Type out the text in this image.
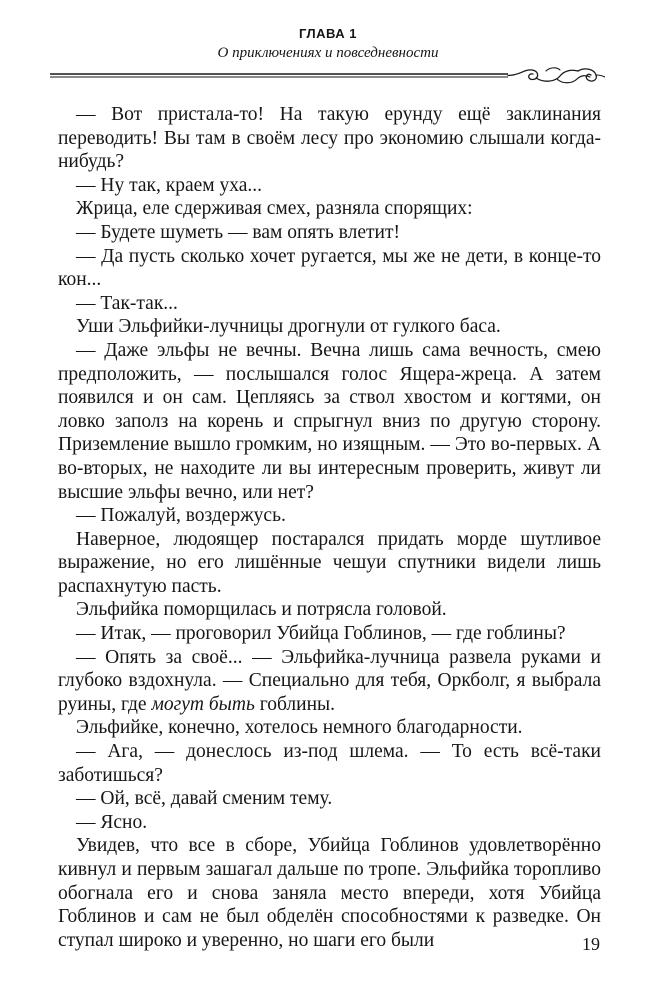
ГЛАВА 1
О приключениях и повседневности

— Вот пристала-то! На такую ерунду ещё заклинания переводить! Вы там в своём лесу про экономию слышали когда-нибудь?

— Ну так, краем уха...

Жрица, еле сдерживая смех, разняла спорящих:

— Будете шуметь — вам опять влетит!

— Да пусть сколько хочет ругается, мы же не дети, в конце-то кон...

— Так-так...

Уши Эльфийки-лучницы дрогнули от гулкого баса.

— Даже эльфы не вечны. Вечна лишь сама вечность, смею предположить, — послышался голос Ящера-жреца. А затем появился и он сам. Цепляясь за ствол хвостом и когтями, он ловко заполз на корень и спрыгнул вниз по другую сторону. Приземление вышло громким, но изящным. — Это во-первых. А во-вторых, не находите ли вы интересным проверить, живут ли высшие эльфы вечно, или нет?

— Пожалуй, воздержусь.

Наверное, людоящер постарался придать морде шутливое выражение, но его лишённые чешуи спутники видели лишь распахнутую пасть.

Эльфийка поморщилась и потрясла головой.

— Итак, — проговорил Убийца Гоблинов, — где гоблины?

— Опять за своё... — Эльфийка-лучница развела руками и глубоко вздохнула. — Специально для тебя, Оркболг, я выбрала руины, где могут быть гоблины.

Эльфийке, конечно, хотелось немного благодарности.

— Ага, — донеслось из-под шлема. — То есть всё-таки заботишься?

— Ой, всё, давай сменим тему.

— Ясно.

Увидев, что все в сборе, Убийца Гоблинов удовлетворённо кивнул и первым зашагал дальше по тропе. Эльфийка торопливо обогнала его и снова заняла место впереди, хотя Убийца Гоблинов и сам не был обделён способностями к разведке. Он ступал широко и уверенно, но шаги его были	19
